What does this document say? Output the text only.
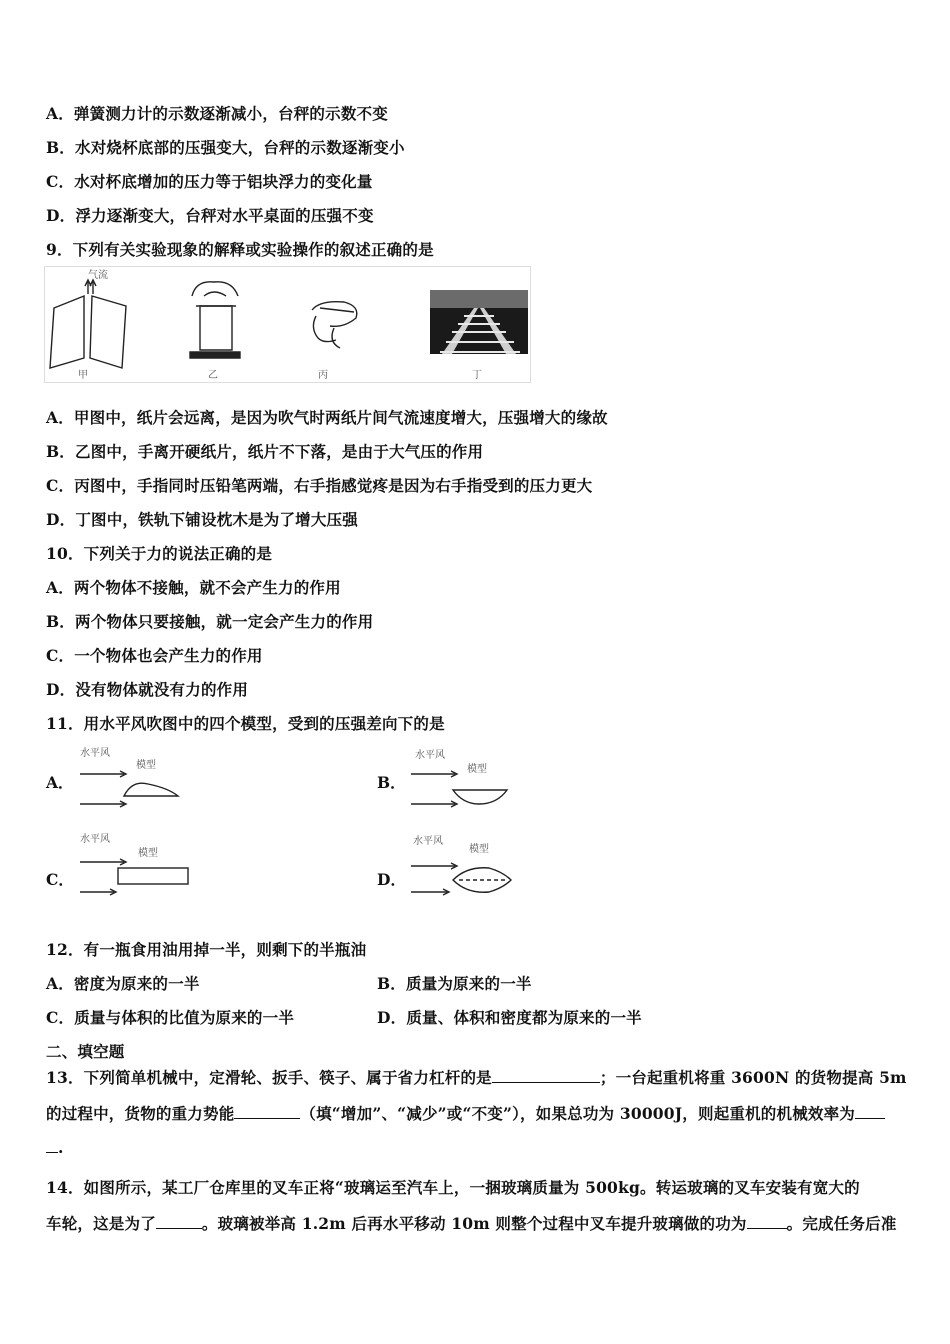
A．弹簧测力计的示数逐渐减小，台秤的示数不变
B．水对烧杯底部的压强变大，台秤的示数逐渐变小
C．水对杯底增加的压力等于铝块浮力的变化量
D．浮力逐渐变大，台秤对水平桌面的压强不变
9．下列有关实验现象的解释或实验操作的叙述正确的是
气流
甲	乙	丙	丁
A．甲图中，纸片会远离，是因为吹气时两纸片间气流速度增大，压强增大的缘故
B．乙图中，手离开硬纸片，纸片不下落，是由于大气压的作用
C．丙图中，手指同时压铅笔两端，右手指感觉疼是因为右手指受到的压力更大
D．丁图中，铁轨下铺设枕木是为了增大压强
10．下列关于力的说法正确的是
A．两个物体不接触，就不会产生力的作用
B．两个物体只要接触，就一定会产生力的作用
C．一个物体也会产生力的作用
D．没有物体就没有力的作用
11．用水平风吹图中的四个模型，受到的压强差向下的是
A．
水平风
模型
B．
水平风
模型
C．
水平风
模型
D．
水平风
模型
12．有一瓶食用油用掉一半，则剩下的半瓶油
A．密度为原来的一半	B．质量为原来的一半
C．质量与体积的比值为原来的一半	D．质量、体积和密度都为原来的一半
二、填空题
13．下列简单机械中，定滑轮、扳手、筷子、属于省力杠杆的是	；一台起重机将重 3600N 的货物提高 5m
的过程中，货物的重力势能	（填“增加”、“减少”或“不变”），如果总功为 30000J，则起重机的机械效率为
.
14．如图所示，某工厂仓库里的叉车正将“玻璃运至汽车上，一捆玻璃质量为 500kg。转运玻璃的叉车安装有宽大的
车轮，这是为了	。玻璃被举高 1.2m 后再水平移动 10m 则整个过程中叉车提升玻璃做的功为	。完成任务后准
